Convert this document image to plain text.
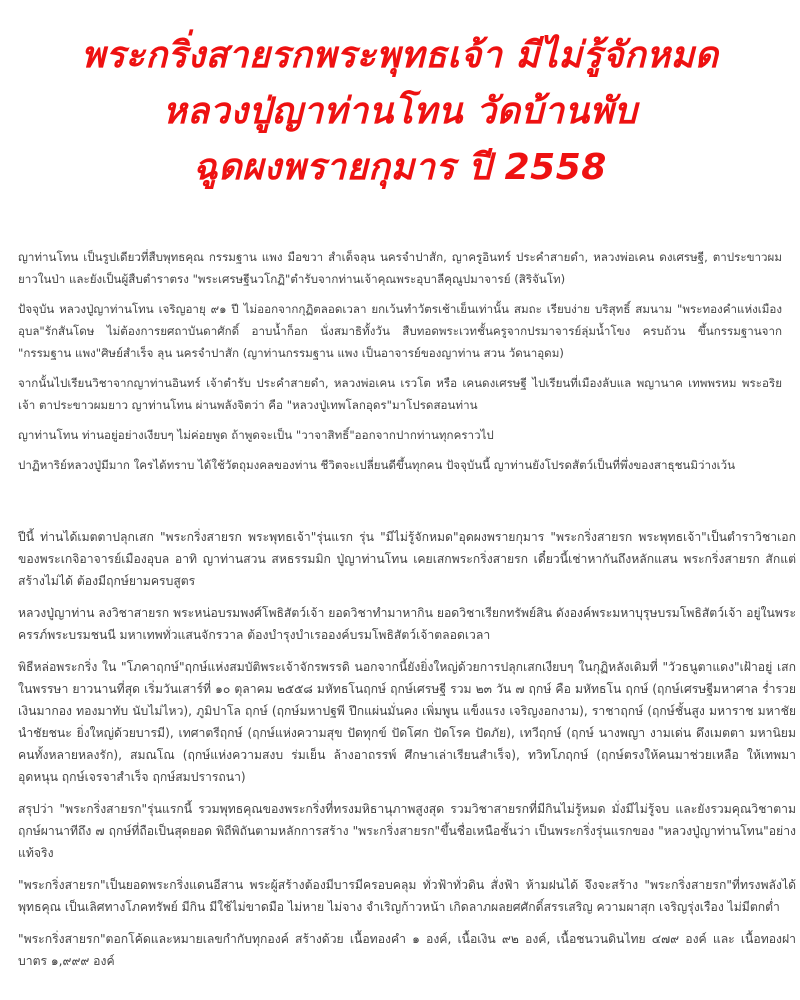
พระกริ่งสายรกพระพุทธเจ้า มีไม่รู้จักหมด
หลวงปู่ญาท่านโทน วัดบ้านพับ
ฉูดผงพรายกุมาร ปี 2558

ญาท่านโทน เป็นรูปเดียวที่สืบพุทธคุณ กรรมฐาน แพง มือขวา สำเด็จลุน นครจำปาสัก, ญาครูอินทร์ ประคำสายดำ, หลวงพ่อเคน ดงเศรษฐี, ตาประขาวผมยาวในป่า และยังเป็นผู้สืบตำราตรง "พระเศรษฐีนวโกฏิ"ตำรับจากท่านเจ้าคุณพระอุบาลีคุณูปมาจารย์ (สิริจันโท)

ปัจจุบัน หลวงปู่ญาท่านโทน เจริญอายุ ๙๑ ปี ไม่ออกจากกุฏิตลอดเวลา ยกเว้นทำวัตรเช้าเย็นเท่านั้น สมถะ เรียบง่าย บริสุทธิ์ สมนาม "พระทองคำแห่งเมืองอุบล"รักสันโดษ ไม่ต้องการยศถาบันดาศักดิ์ อาบน้ำก็อก นั่งสมาธิทั้งวัน สืบทอดพระเวทชั้นครูจากปรมาจารย์ลุ่มน้ำโขง ครบถ้วน ขึ้นกรรมฐานจาก "กรรมฐาน แพง"ศิษย์สำเร็จ ลุน นครจำปาสัก (ญาท่านกรรมฐาน แพง เป็นอาจารย์ของญาท่าน สวน วัดนาอุดม)

จากนั้นไปเรียนวิชาจากญาท่านอินทร์ เจ้าตำรับ ประคำสายดำ, หลวงพ่อเคน เรวโต หรือ เคนดงเศรษฐี ไปเรียนที่เมืองลับแล พญานาค เทพพรหม พระอริยเจ้า ตาประขาวผมยาว ญาท่านโทน ผ่านพลังจิตว่า คือ "หลวงปู่เทพโลกอุดร"มาโปรดสอนท่าน

ญาท่านโทน ท่านอยู่อย่างเงียบๆ ไม่ค่อยพูด ถ้าพูดจะเป็น "วาจาสิทธิ์"ออกจากปากท่านทุกคราวไป

ปาฏิหาริย์หลวงปู่มีมาก ใครได้ทราบ ได้ใช้วัตถุมงคลของท่าน ชีวิตจะเปลี่ยนดีขึ้นทุกคน ปัจจุบันนี้ ญาท่านยังโปรดสัตว์เป็นที่พึ่งของสาธุชนมิว่างเว้น

ปีนี้ ท่านได้เมตตาปลุกเสก "พระกริ่งสายรก พระพุทธเจ้า"รุ่นแรก รุ่น "มีไม่รู้จักหมด"อุดผงพรายกุมาร "พระกริ่งสายรก พระพุทธเจ้า"เป็นตำราวิชาเอก ของพระเกจิอาจารย์เมืองอุบล อาทิ ญาท่านสวน สหธรรมมิก ปู่ญาท่านโทน เคยเสกพระกริ่งสายรก เดี๋ยวนี้เช่าหากันถึงหลักแสน พระกริ่งสายรก สักแต่สร้างไม่ได้ ต้องมีฤกษ์ยามครบสูตร

หลวงปู่ญาท่าน ลงวิชาสายรก พระหน่อบรมพงศ์โพธิสัตว์เจ้า ยอดวิชาทำมาหากิน ยอดวิชาเรียกทรัพย์สิน ดังองค์พระมหาบุรุษบรมโพธิสัตว์เจ้า อยู่ในพระครรภ์พระบรมชนนี มหาเทพทั่วแสนจักรวาล ต้องบำรุงบำเรอองค์บรมโพธิสัตว์เจ้าตลอดเวลา

พิธีหล่อพระกริ่ง ใน "โภคาฤกษ์"ฤกษ์แห่งสมบัติพระเจ้าจักรพรรดิ นอกจากนี้ยังยิ่งใหญ่ด้วยการปลุกเสกเงียบๆ ในกุฏิหลังเดิมที่ "วัวธนูตาแดง"เฝ้าอยู่ เสกในพรรษา ยาวนานที่สุด เริ่มวันเสาร์ที่ ๑๐ ตุลาคม ๒๕๕๘ มหัทธโนฤกษ์ ฤกษ์เศรษฐี รวม ๒๓ วัน ๗ ฤกษ์ คือ มหัทธโน ฤกษ์ (ฤกษ์เศรษฐีมหาศาล ร่ำรวย เงินมากอง ทองมาทับ นับไม่ไหว), ภูมิปาโล ฤกษ์ (ฤกษ์มหาปฐพี ปึกแผ่นมั่นคง เพิ่มพูน แข็งแรง เจริญงอกงาม), ราชาฤกษ์ (ฤกษ์ชั้นสูง มหาราช มหาชัย นำชัยชนะ ยิ่งใหญ่ด้วยบารมี), เทศาตรีฤกษ์ (ฤกษ์แห่งความสุข ปัดทุกข์ ปัดโศก ปัดโรค ปัดภัย), เทวีฤกษ์ (ฤกษ์ นางพญา งามเด่น ดึงเมตตา มหานิยม คนทั้งหลายหลงรัก), สมณโณ (ฤกษ์แห่งความสงบ ร่มเย็น ล้างอาถรรพ์ ศึกษาเล่าเรียนสำเร็จ), ทวิทโภฤกษ์ (ฤกษ์ตรงให้คนมาช่วยเหลือ ให้เทพมาอุดหนุน ฤกษ์เจรจาสำเร็จ ฤกษ์สมปรารถนา)

สรุปว่า "พระกริ่งสายรก"รุ่นแรกนี้ รวมพุทธคุณของพระกริ่งที่ทรงมหิธานุภาพสูงสุด รวมวิชาสายรกที่มีกินไม่รู้หมด มั่งมีไม่รู้จบ และยังรวมคุณวิชาตามฤกษ์ผานาทีถึง ๗ ฤกษ์ที่ถือเป็นสุดยอด พิถีพิถันตามหลักการสร้าง "พระกริ่งสายรก"ขึ้นชื่อเหนือชั้นว่า เป็นพระกริ่งรุ่นแรกของ "หลวงปู่ญาท่านโทน"อย่างแท้จริง

"พระกริ่งสายรก"เป็นยอดพระกริ่งแดนอีสาน พระผู้สร้างต้องมีบารมีครอบคลุม ทั่วฟ้าทั่วดิน สั่งฟ้า ห้ามฝนได้ จึงจะสร้าง "พระกริ่งสายรก"ที่ทรงพลังได้ พุทธคุณ เป็นเลิศทางโภคทรัพย์ มีกิน มีใช้ไม่ขาดมือ ไม่หาย ไม่จาง จำเริญก้าวหน้า เกิดลาภผลยศศักดิ์สรรเสริญ ความผาสุก เจริญรุ่งเรือง ไม่มีตกต่ำ

"พระกริ่งสายรก"ตอกโค้ดและหมายเลขกำกับทุกองค์ สร้างด้วย เนื้อทองคำ ๑ องค์, เนื้อเงิน ๙๒ องค์, เนื้อชนวนดินไทย ๔๗๙ องค์ และ เนื้อทองฝาบาตร ๑,๙๙๙ องค์
